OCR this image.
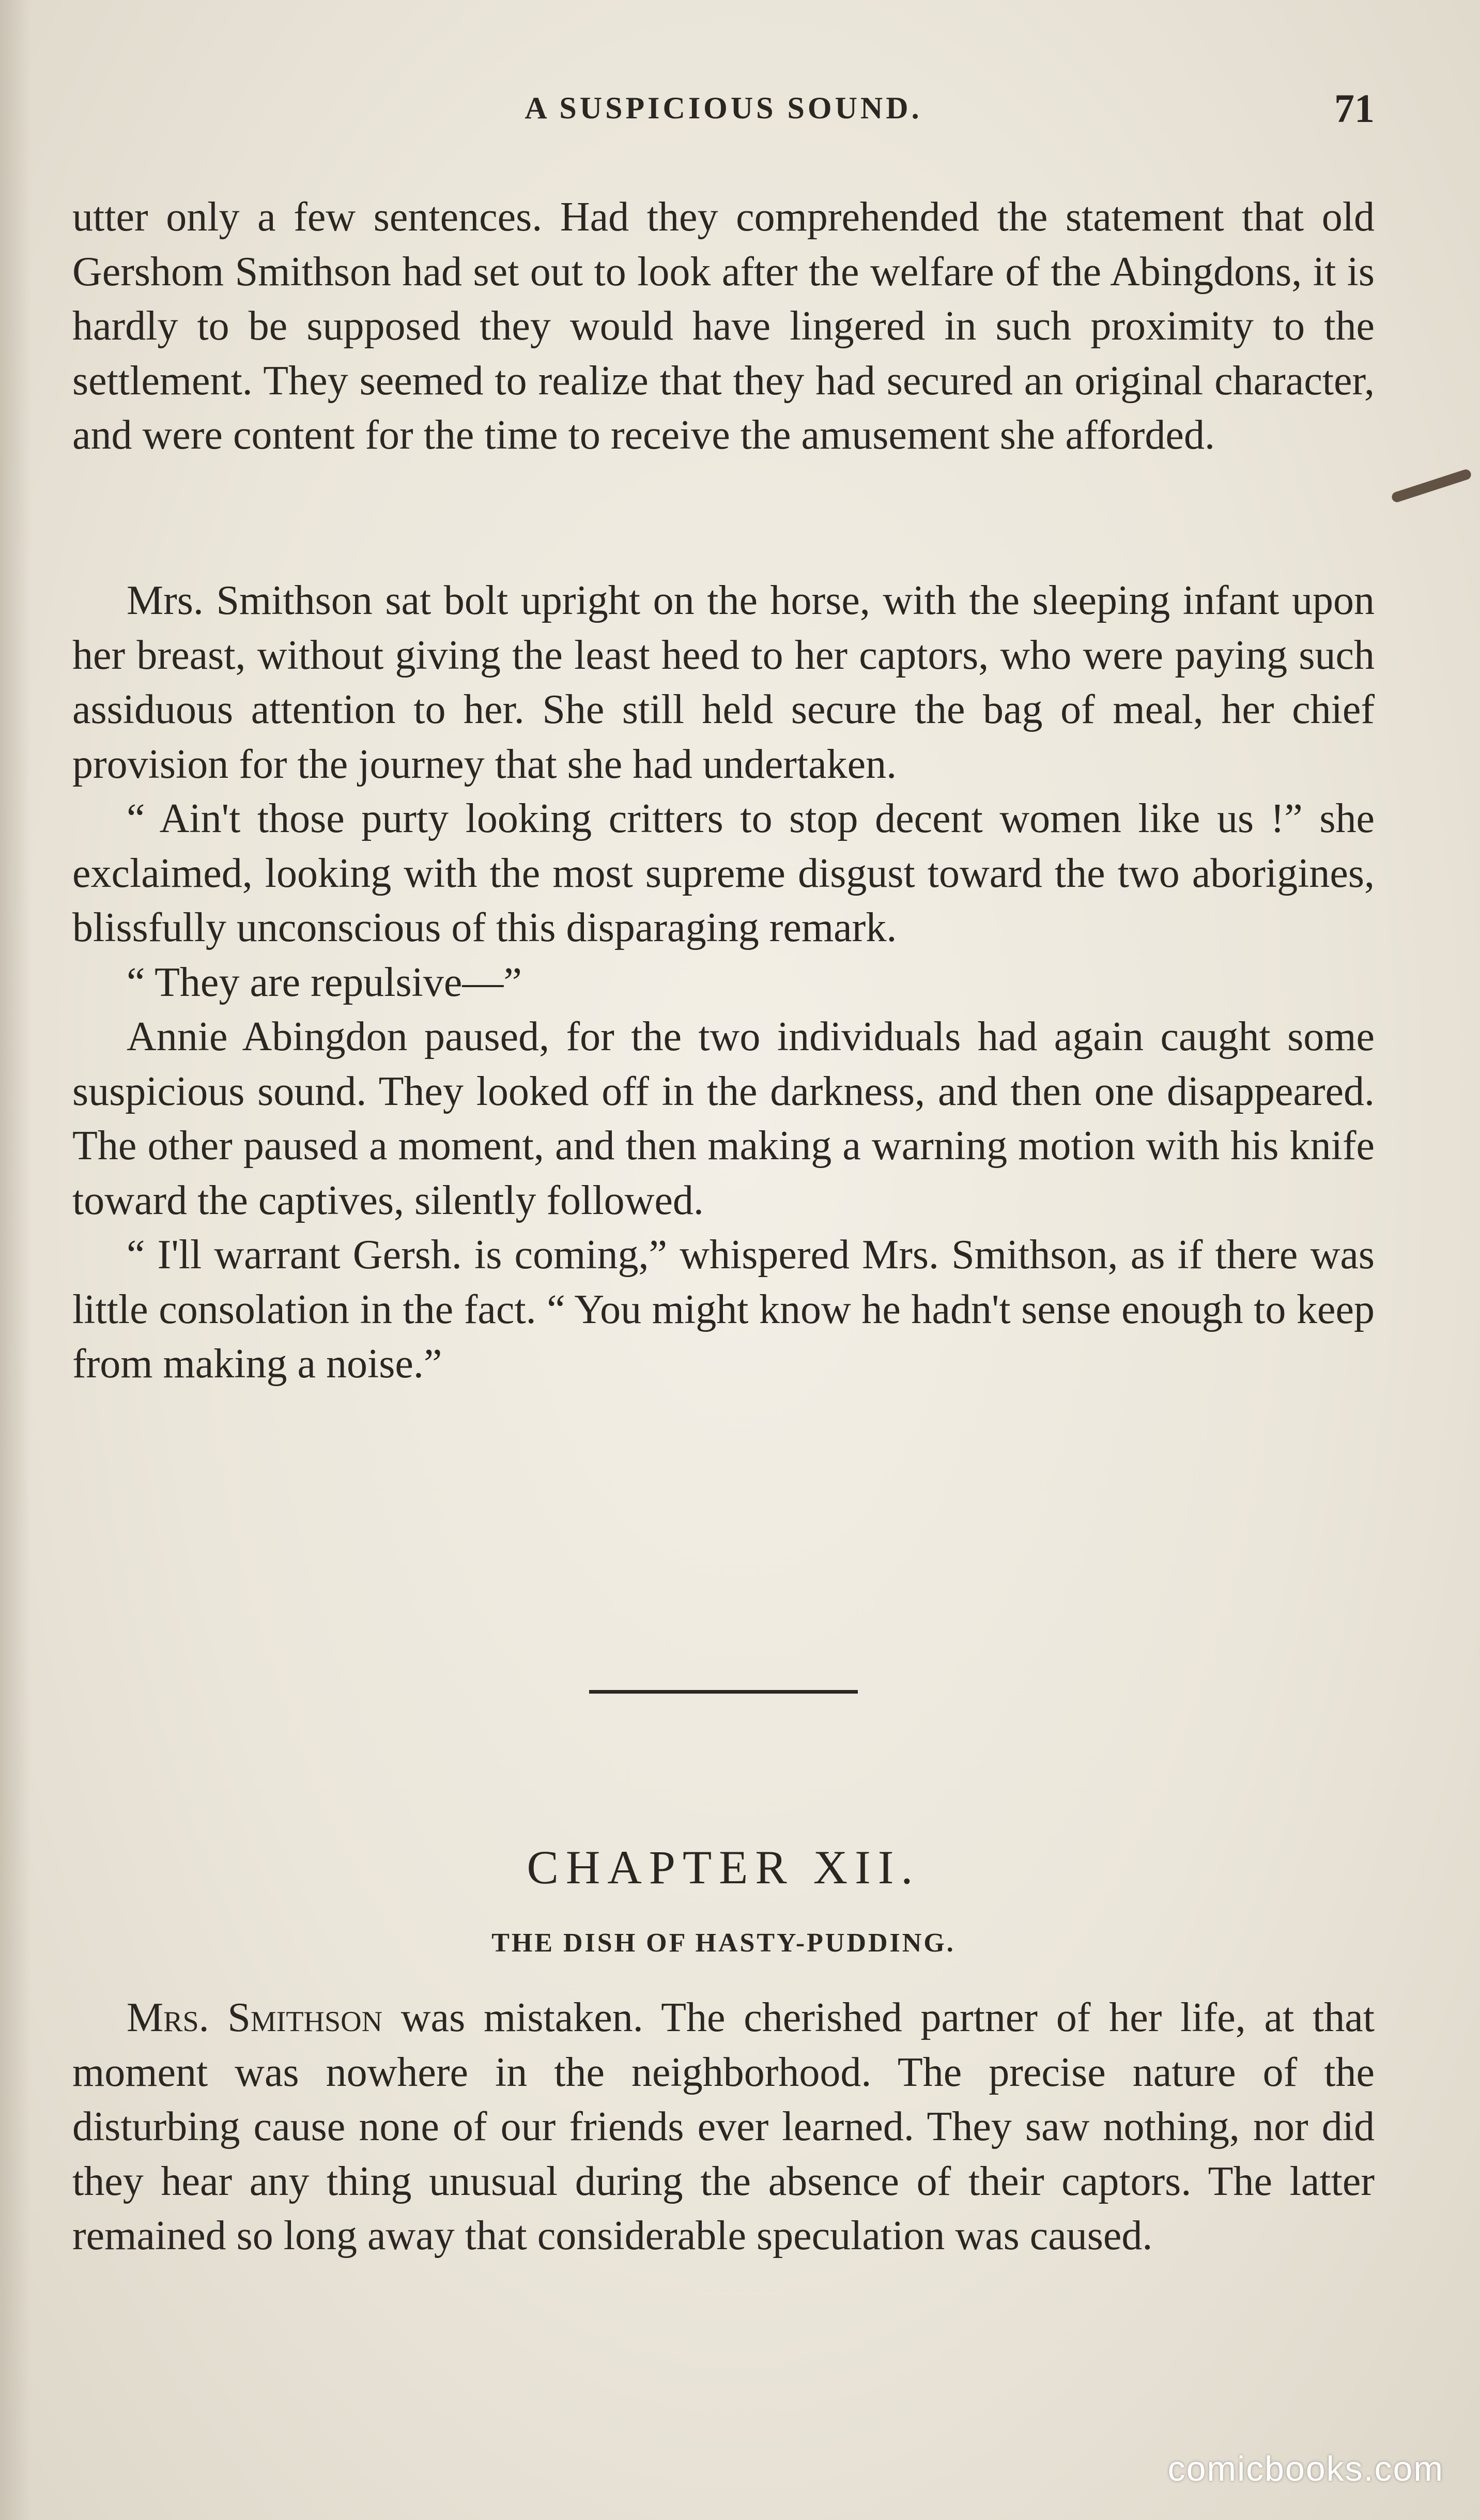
A SUSPICIOUS SOUND.	71

utter only a few sentences. Had they comprehended the statement that old Gershom Smithson had set out to look after the welfare of the Abingdons, it is hardly to be supposed they would have lingered in such proximity to the settlement. They seemed to realize that they had secured an original character, and were content for the time to receive the amusement she afforded.

Mrs. Smithson sat bolt upright on the horse, with the sleeping infant upon her breast, without giving the least heed to her captors, who were paying such assiduous attention to her. She still held secure the bag of meal, her chief provision for the journey that she had undertaken.

“ Ain't those purty looking critters to stop decent women like us !” she exclaimed, looking with the most supreme disgust toward the two aborigines, blissfully unconscious of this disparaging remark.

“ They are repulsive—”

Annie Abingdon paused, for the two individuals had again caught some suspicious sound. They looked off in the darkness, and then one disappeared. The other paused a moment, and then making a warning motion with his knife toward the captives, silently followed.

“ I'll warrant Gersh. is coming,” whispered Mrs. Smithson, as if there was little consolation in the fact. “ You might know he hadn't sense enough to keep from making a noise.”

CHAPTER XII.
THE DISH OF HASTY-PUDDING.

Mrs. Smithson was mistaken. The cherished partner of her life, at that moment was nowhere in the neighborhood. The precise nature of the disturbing cause none of our friends ever learned. They saw nothing, nor did they hear any thing unusual during the absence of their captors. The latter remained so long away that considerable speculation was caused.

comicbooks.com
